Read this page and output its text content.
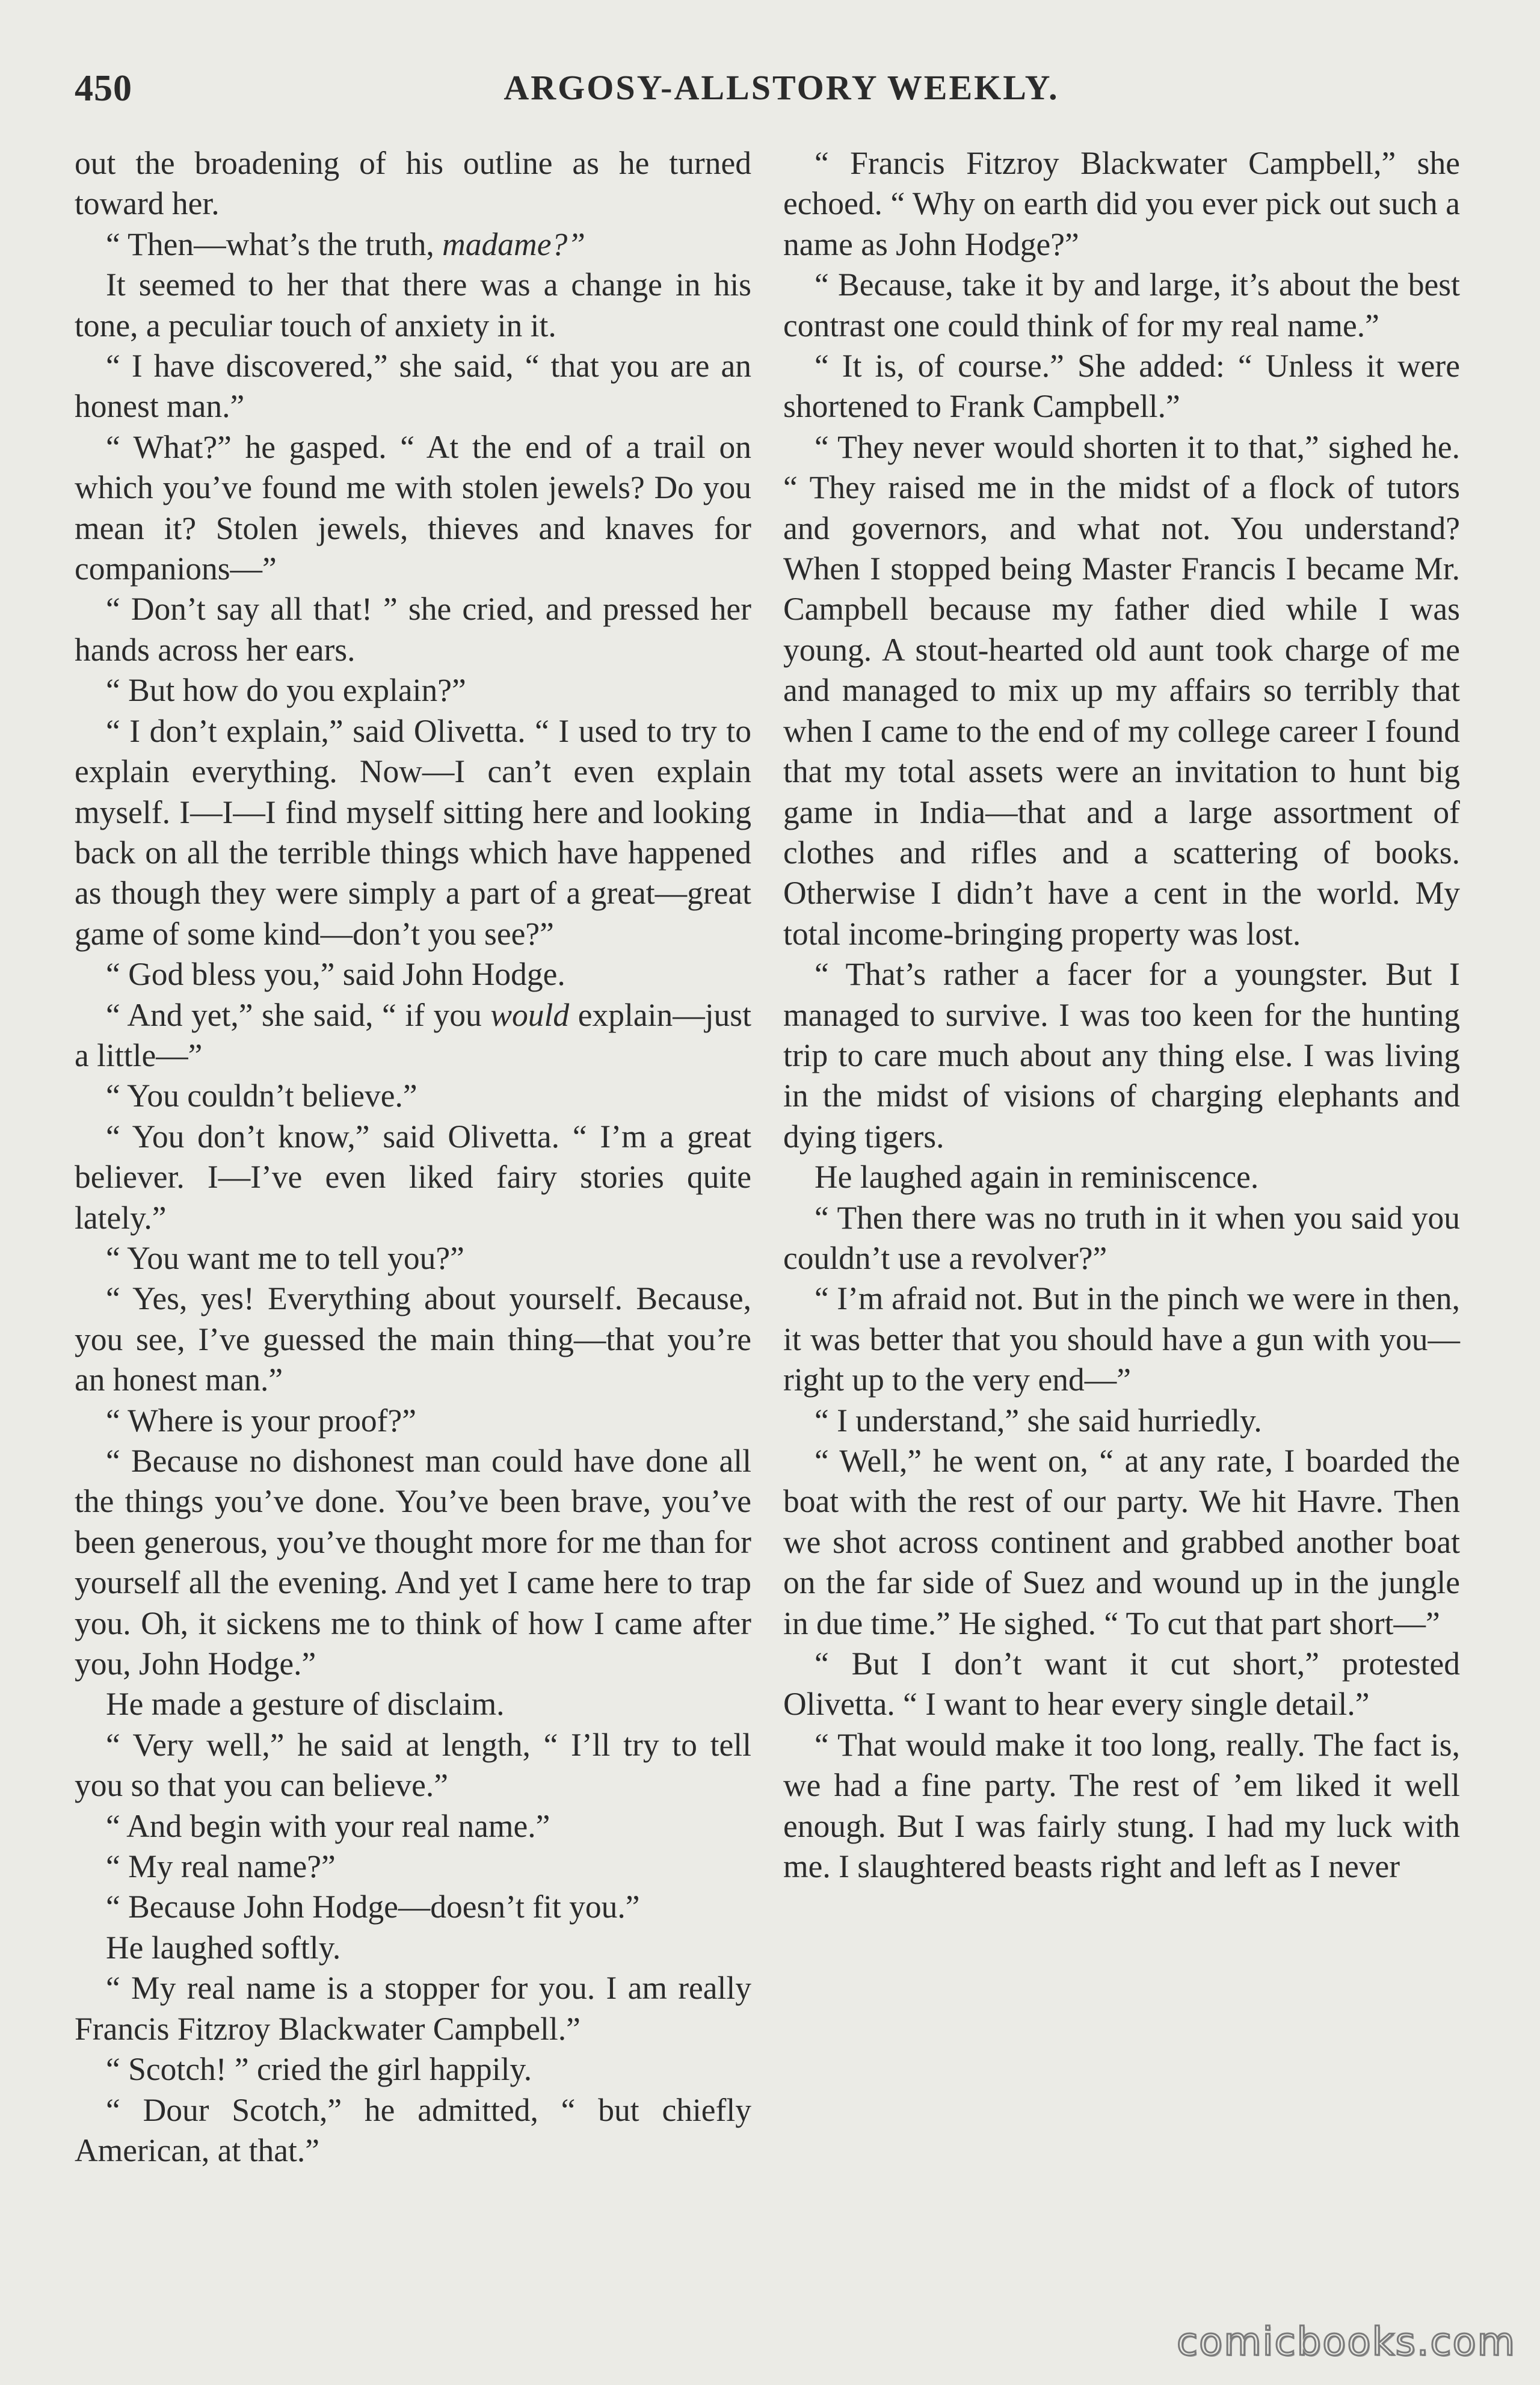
450	ARGOSY-ALLSTORY WEEKLY.

out the broadening of his outline as he turned toward her.

“ Then—what’s the truth, madame?”

It seemed to her that there was a change in his tone, a peculiar touch of anxiety in it.

“ I have discovered,” she said, “ that you are an honest man.”

“ What?” he gasped. “ At the end of a trail on which you’ve found me with stolen jewels? Do you mean it? Stolen jewels, thieves and knaves for companions—”

“ Don’t say all that! ” she cried, and pressed her hands across her ears.

“ But how do you explain?”

“ I don’t explain,” said Olivetta. “ I used to try to explain everything. Now—I can’t even explain myself. I—I—I find myself sitting here and looking back on all the terrible things which have happened as though they were simply a part of a great—great game of some kind—don’t you see?”

“ God bless you,” said John Hodge.

“ And yet,” she said, “ if you would explain—just a little—”

“ You couldn’t believe.”

“ You don’t know,” said Olivetta. “ I’m a great believer. I—I’ve even liked fairy stories quite lately.”

“ You want me to tell you?”

“ Yes, yes! Everything about yourself. Because, you see, I’ve guessed the main thing—that you’re an honest man.”

“ Where is your proof?”

“ Because no dishonest man could have done all the things you’ve done. You’ve been brave, you’ve been generous, you’ve thought more for me than for yourself all the evening. And yet I came here to trap you. Oh, it sickens me to think of how I came after you, John Hodge.”

He made a gesture of disclaim.

“ Very well,” he said at length, “ I’ll try to tell you so that you can believe.”

“ And begin with your real name.”

“ My real name?”

“ Because John Hodge—doesn’t fit you.”

He laughed softly.

“ My real name is a stopper for you. I am really Francis Fitzroy Blackwater Campbell.”

“ Scotch! ” cried the girl happily.

“ Dour Scotch,” he admitted, “ but chiefly American, at that.”

“ Francis Fitzroy Blackwater Campbell,” she echoed. “ Why on earth did you ever pick out such a name as John Hodge?”

“ Because, take it by and large, it’s about the best contrast one could think of for my real name.”

“ It is, of course.” She added: “ Unless it were shortened to Frank Campbell.”

“ They never would shorten it to that,” sighed he. “ They raised me in the midst of a flock of tutors and governors, and what not. You understand? When I stopped being Master Francis I became Mr. Campbell because my father died while I was young. A stout-hearted old aunt took charge of me and managed to mix up my affairs so terribly that when I came to the end of my college career I found that my total assets were an invitation to hunt big game in India—that and a large assortment of clothes and rifles and a scattering of books. Otherwise I didn’t have a cent in the world. My total income-bringing property was lost.

“ That’s rather a facer for a youngster. But I managed to survive. I was too keen for the hunting trip to care much about any thing else. I was living in the midst of visions of charging elephants and dying tigers.

He laughed again in reminiscence.

“ Then there was no truth in it when you said you couldn’t use a revolver?”

“ I’m afraid not. But in the pinch we were in then, it was better that you should have a gun with you—right up to the very end—”

“ I understand,” she said hurriedly.

“ Well,” he went on, “ at any rate, I boarded the boat with the rest of our party. We hit Havre. Then we shot across continent and grabbed another boat on the far side of Suez and wound up in the jungle in due time.” He sighed. “ To cut that part short—”

“ But I don’t want it cut short,” protested Olivetta. “ I want to hear every single detail.”

“ That would make it too long, really. The fact is, we had a fine party. The rest of ’em liked it well enough. But I was fairly stung. I had my luck with me. I slaughtered beasts right and left as I never

comicbooks.com
